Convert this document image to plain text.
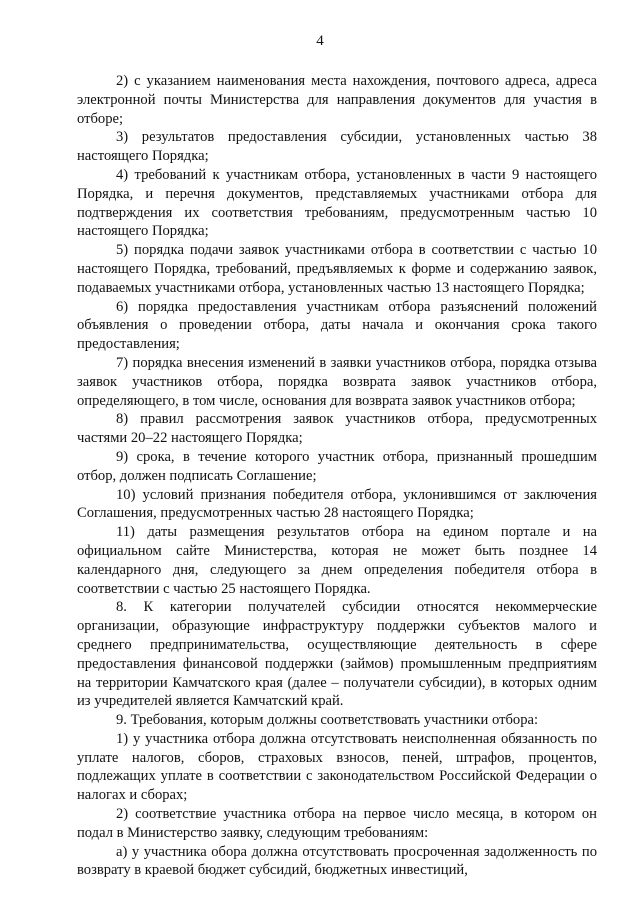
4

2) с указанием наименования места нахождения, почтового адреса, адреса электронной почты Министерства для направления документов для участия в отборе;

3) результатов предоставления субсидии, установленных частью 38 настоящего Порядка;

4) требований к участникам отбора, установленных в части 9 настоящего Порядка, и перечня документов, представляемых участниками отбора для подтверждения их соответствия требованиям, предусмотренным частью 10 настоящего Порядка;

5) порядка подачи заявок участниками отбора в соответствии с частью 10 настоящего Порядка, требований, предъявляемых к форме и содержанию заявок, подаваемых участниками отбора, установленных частью 13 настоящего Порядка;

6) порядка предоставления участникам отбора разъяснений положений объявления о проведении отбора, даты начала и окончания срока такого предоставления;

7) порядка внесения изменений в заявки участников отбора, порядка отзыва заявок участников отбора, порядка возврата заявок участников отбора, определяющего, в том числе, основания для возврата заявок участников отбора;

8) правил рассмотрения заявок участников отбора, предусмотренных частями 20–22 настоящего Порядка;

9) срока, в течение которого участник отбора, признанный прошедшим отбор, должен подписать Соглашение;

10) условий признания победителя отбора, уклонившимся от заключения Соглашения, предусмотренных частью 28 настоящего Порядка;

11) даты размещения результатов отбора на едином портале и на официальном сайте Министерства, которая не может быть позднее 14 календарного дня, следующего за днем определения победителя отбора в соответствии с частью 25 настоящего Порядка.

8. К категории получателей субсидии относятся некоммерческие организации, образующие инфраструктуру поддержки субъектов малого и среднего предпринимательства, осуществляющие деятельность в сфере предоставления финансовой поддержки (займов) промышленным предприятиям на территории Камчатского края (далее – получатели субсидии), в которых одним из учредителей является Камчатский край.

9. Требования, которым должны соответствовать участники отбора:

1) у участника отбора должна отсутствовать неисполненная обязанность по уплате налогов, сборов, страховых взносов, пеней, штрафов, процентов, подлежащих уплате в соответствии с законодательством Российской Федерации о налогах и сборах;

2) соответствие участника отбора на первое число месяца, в котором он подал в Министерство заявку, следующим требованиям:

а) у участника обора должна отсутствовать просроченная задолженность по возврату в краевой бюджет субсидий, бюджетных инвестиций,
